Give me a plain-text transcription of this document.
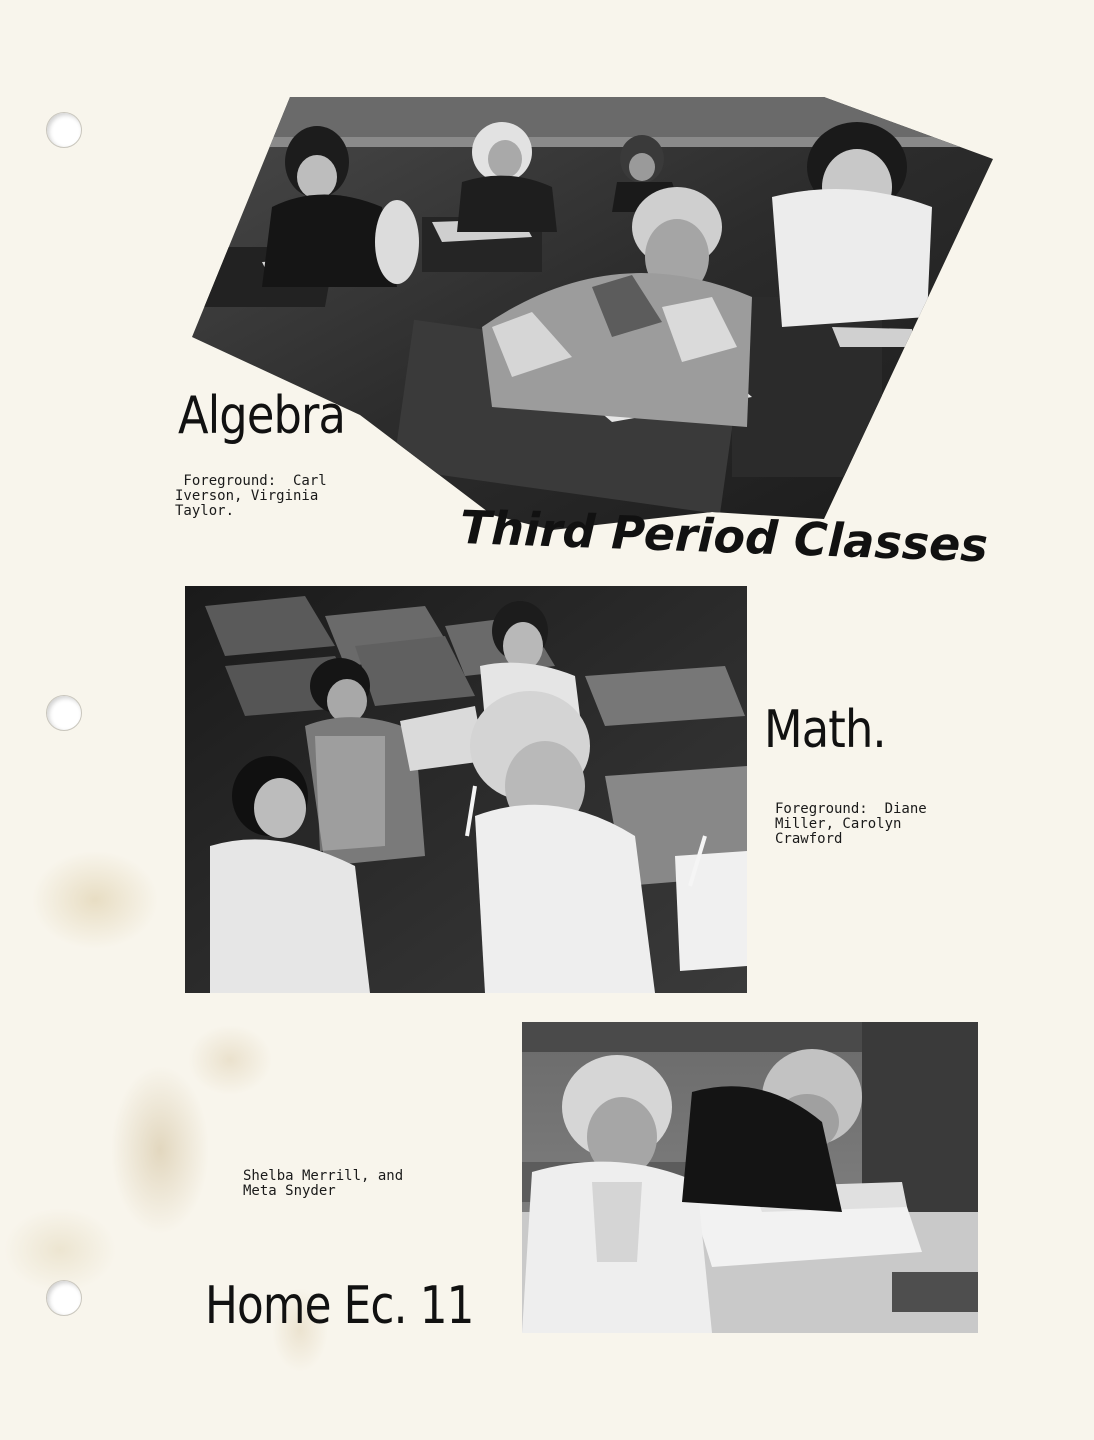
Algebra

Foreground:  Carl
Iverson, Virginia
Taylor.	Third Period Classes
Math.

Foreground:  Diane
Miller, Carolyn
Crawford

Shelba Merrill, and
Meta Snyder

Home Ec. 11
